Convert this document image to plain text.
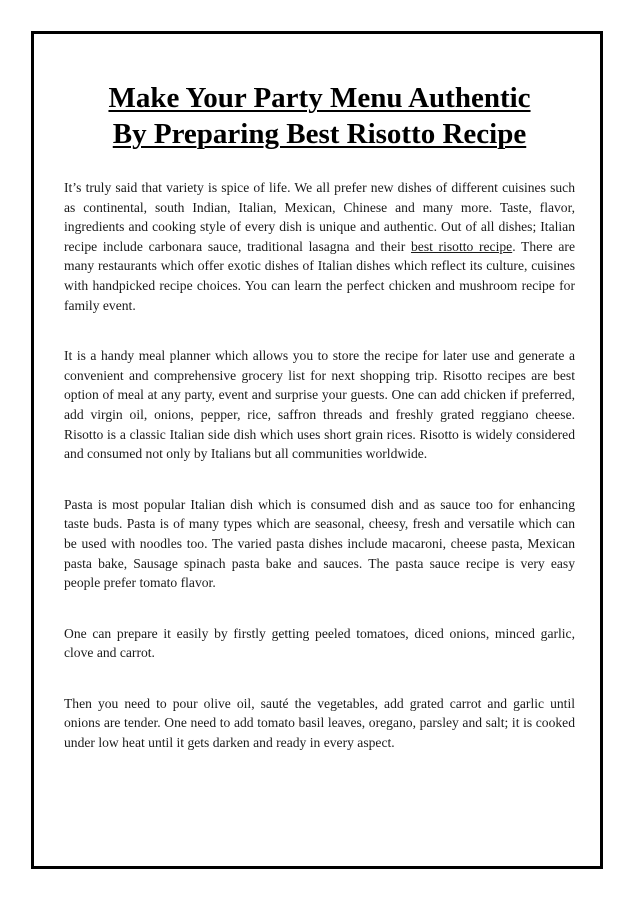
Make Your Party Menu Authentic
By Preparing Best Risotto Recipe

It’s truly said that variety is spice of life. We all prefer new dishes of different cuisines such as continental, south Indian, Italian, Mexican, Chinese and many more. Taste, flavor, ingredients and cooking style of every dish is unique and authentic. Out of all dishes; Italian recipe include carbonara sauce, traditional lasagna and their best risotto recipe. There are many restaurants which offer exotic dishes of Italian dishes which reflect its culture, cuisines with handpicked recipe choices. You can learn the perfect chicken and mushroom recipe for family event.

It is a handy meal planner which allows you to store the recipe for later use and generate a convenient and comprehensive grocery list for next shopping trip. Risotto recipes are best option of meal at any party, event and surprise your guests. One can add chicken if preferred, add virgin oil, onions, pepper, rice, saffron threads and freshly grated reggiano cheese. Risotto is a classic Italian side dish which uses short grain rices. Risotto is widely considered and consumed not only by Italians but all communities worldwide.

Pasta is most popular Italian dish which is consumed dish and as sauce too for enhancing taste buds. Pasta is of many types which are seasonal, cheesy, fresh and versatile which can be used with noodles too. The varied pasta dishes include macaroni, cheese pasta, Mexican pasta bake, Sausage spinach pasta bake and sauces. The pasta sauce recipe is very easy people prefer tomato flavor.

One can prepare it easily by firstly getting peeled tomatoes, diced onions, minced garlic, clove and carrot.

Then you need to pour olive oil, sauté the vegetables, add grated carrot and garlic until onions are tender. One need to add tomato basil leaves, oregano, parsley and salt; it is cooked under low heat until it gets darken and ready in every aspect.
